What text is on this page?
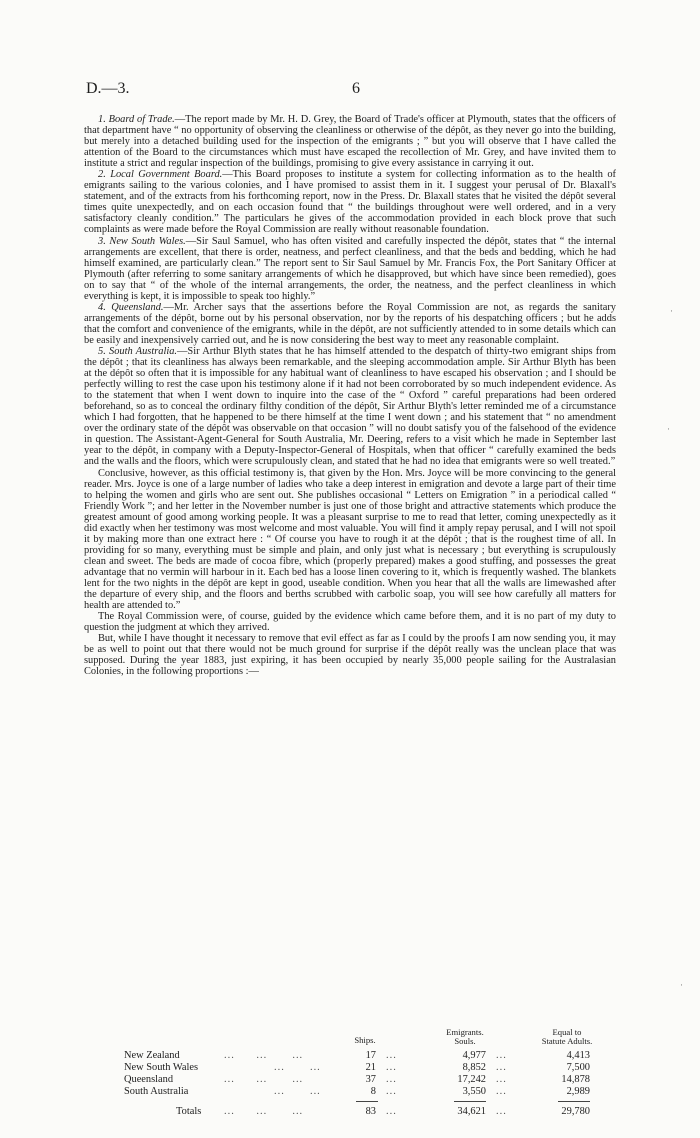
D.—3.	6

1. Board of Trade.—The report made by Mr. H. D. Grey, the Board of Trade's officer at Plymouth, states that the officers of that department have “ no opportunity of observing the cleanliness or otherwise of the dépôt, as they never go into the building, but merely into a detached building used for the inspection of the emigrants ; ” but you will observe that I have called the attention of the Board to the circumstances which must have escaped the recollection of Mr. Grey, and have invited them to institute a strict and regular inspection of the buildings, promising to give every assistance in carrying it out.

2. Local Government Board.—This Board proposes to institute a system for collecting information as to the health of emigrants sailing to the various colonies, and I have promised to assist them in it. I suggest your perusal of Dr. Blaxall's statement, and of the extracts from his forthcoming report, now in the Press. Dr. Blaxall states that he visited the dépôt several times quite unexpectedly, and on each occasion found that “ the buildings throughout were well ordered, and in a very satisfactory cleanly condition.” The particulars he gives of the accommodation provided in each block prove that such complaints as were made before the Royal Commission are really without reasonable foundation.

3. New South Wales.—Sir Saul Samuel, who has often visited and carefully inspected the dépôt, states that “ the internal arrangements are excellent, that there is order, neatness, and perfect cleanliness, and that the beds and bedding, which he had himself examined, are particularly clean.” The report sent to Sir Saul Samuel by Mr. Francis Fox, the Port Sanitary Officer at Plymouth (after referring to some sanitary arrangements of which he disapproved, but which have since been remedied), goes on to say that “ of the whole of the internal arrangements, the order, the neatness, and the perfect cleanliness in which everything is kept, it is impossible to speak too highly.”

4. Queensland.—Mr. Archer says that the assertions before the Royal Commission are not, as regards the sanitary arrangements of the dépôt, borne out by his personal observation, nor by the reports of his despatching officers ; but he adds that the comfort and convenience of the emigrants, while in the dépôt, are not sufficiently attended to in some details which can be easily and inexpensively carried out, and he is now considering the best way to meet any reasonable complaint.

5. South Australia.—Sir Arthur Blyth states that he has himself attended to the despatch of thirty-two emigrant ships from the dépôt ; that its cleanliness has always been remarkable, and the sleeping accommodation ample. Sir Arthur Blyth has been at the dépôt so often that it is impossible for any habitual want of cleanliness to have escaped his observation ; and I should be perfectly willing to rest the case upon his testimony alone if it had not been corroborated by so much independent evidence. As to the statement that when I went down to inquire into the case of the “ Oxford ” careful preparations had been ordered beforehand, so as to conceal the ordinary filthy condition of the dépôt, Sir Arthur Blyth's letter reminded me of a circumstance which I had forgotten, that he happened to be there himself at the time I went down ; and his statement that “ no amendment over the ordinary state of the dépôt was observable on that occasion ” will no doubt satisfy you of the falsehood of the evidence in question. The Assistant-Agent-General for South Australia, Mr. Deering, refers to a visit which he made in September last year to the dépôt, in company with a Deputy-Inspector-General of Hospitals, when that officer “ carefully examined the beds and the walls and the floors, which were scrupulously clean, and stated that he had no idea that emigrants were so well treated.”

Conclusive, however, as this official testimony is, that given by the Hon. Mrs. Joyce will be more convincing to the general reader. Mrs. Joyce is one of a large number of ladies who take a deep interest in emigration and devote a large part of their time to helping the women and girls who are sent out. She publishes occasional “ Letters on Emigration ” in a periodical called “ Friendly Work ”; and her letter in the November number is just one of those bright and attractive statements which produce the greatest amount of good among working people. It was a pleasant surprise to me to read that letter, coming unexpectedly as it did exactly when her testimony was most welcome and most valuable. You will find it amply repay perusal, and I will not spoil it by making more than one extract here : “ Of course you have to rough it at the dépôt ; that is the roughest time of all. In providing for so many, everything must be simple and plain, and only just what is necessary ; but everything is scrupulously clean and sweet. The beds are made of cocoa fibre, which (properly prepared) makes a good stuffing, and possesses the great advantage that no vermin will harbour in it. Each bed has a loose linen covering to it, which is frequently washed. The blankets lent for the two nights in the dépôt are kept in good, useable condition. When you hear that all the walls are limewashed after the departure of every ship, and the floors and berths scrubbed with carbolic soap, you will see how carefully all matters for health are attended to.”

The Royal Commission were, of course, guided by the evidence which came before them, and it is no part of my duty to question the judgment at which they arrived.

But, while I have thought it necessary to remove that evil effect as far as I could by the proofs I am now sending you, it may be as well to point out that there would not be much ground for surprise if the dépôt really was the unclean place that was supposed. During the year 1883, just expiring, it has been occupied by nearly 35,000 people sailing for the Australasian Colonies, in the following proportions :—

Ships.
Emigrants.
Souls.
Equal to
Statute Adults.
New Zealand	...      ...       ...	17 ...	4,977 ...	4,413
New South Wales	...       ...	21 ...	8,852 ...	7,500
Queensland	...      ...       ...	37 ...	17,242 ...	14,878
South Australia	...       ...	8 ...	3,550 ...	2,989
Totals ...      ...       ...	83 ...	34,621 ...	29,780
·
·
·
